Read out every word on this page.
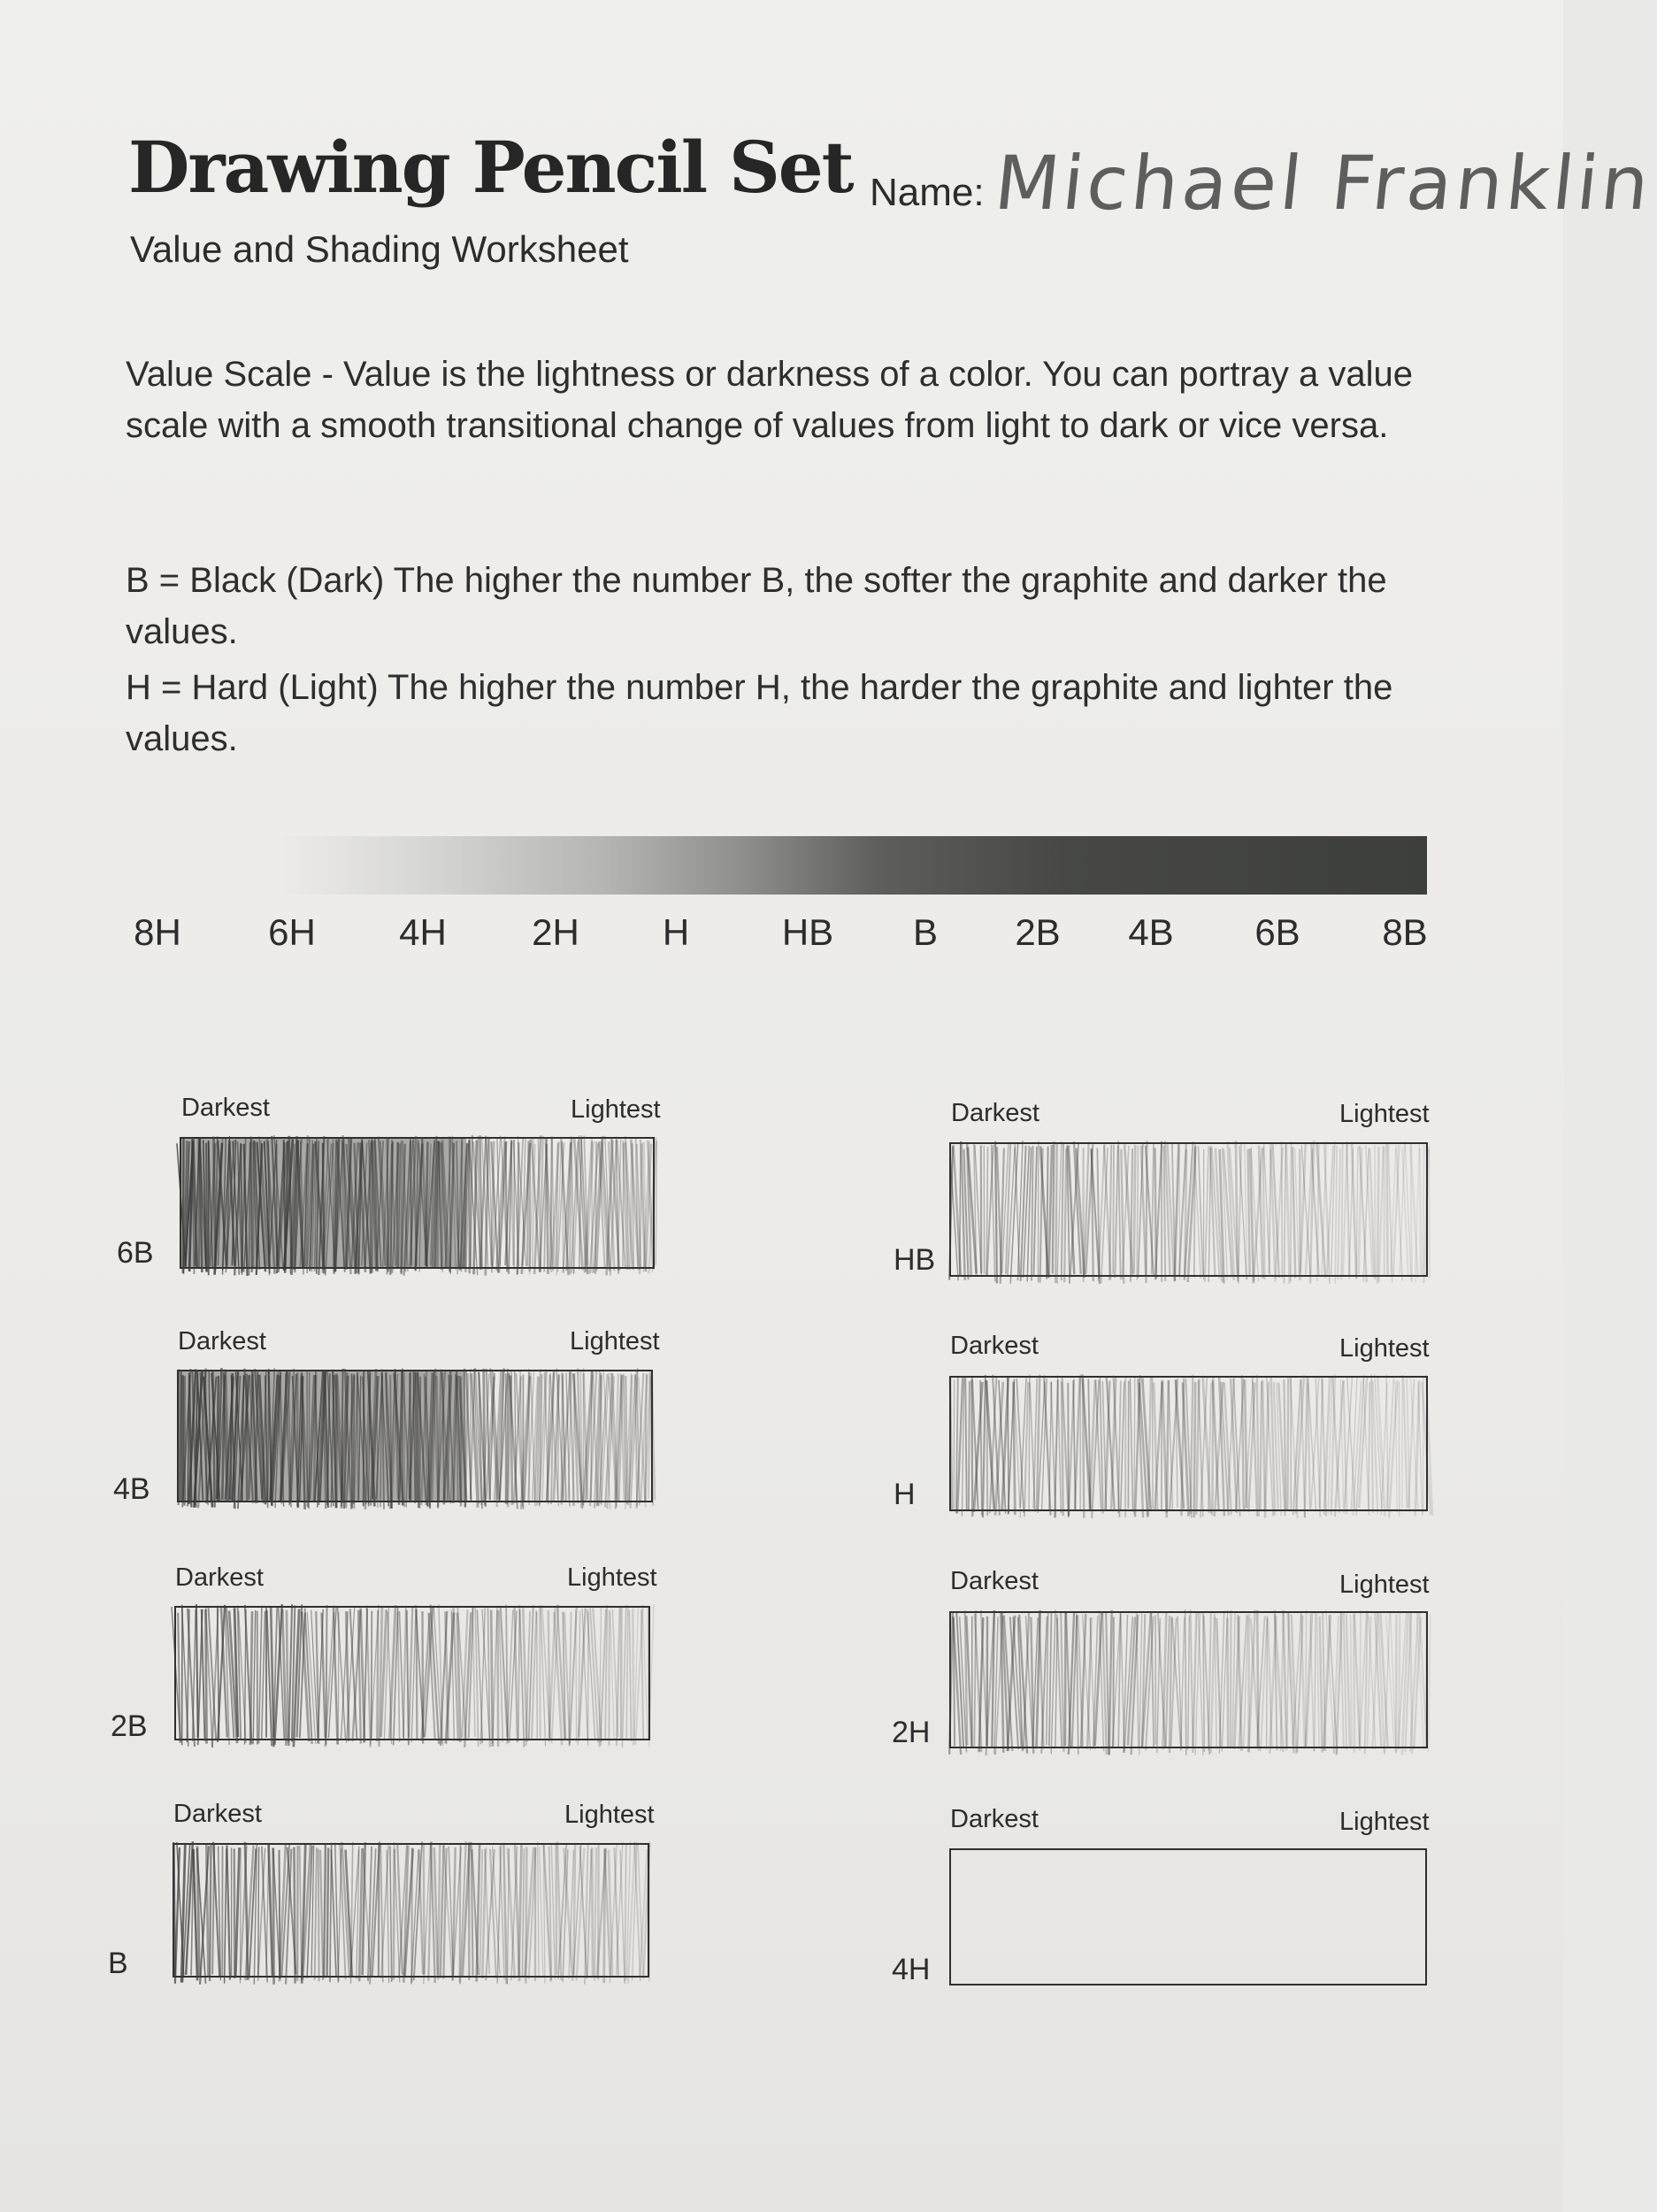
Drawing Pencil Set
Value and Shading Worksheet
Name: Michael Franklin
Value Scale - Value is the lightness or darkness of a color. You can portray a value scale with a smooth transitional change of values from light to dark or vice versa.
B = Black (Dark) The higher the number B, the softer the graphite and darker the values.
H = Hard (Light) The higher the number H, the harder the graphite and lighter the values.
8H 6H 4H 2H H HB B 2B 4B 6B 8B
Darkest	Lightest
6B
Darkest	Lightest
4B
Darkest	Lightest
2B
Darkest	Lightest
B
Darkest	Lightest
HB
Darkest	Lightest
H
Darkest	Lightest
2H
Darkest	Lightest
4H
